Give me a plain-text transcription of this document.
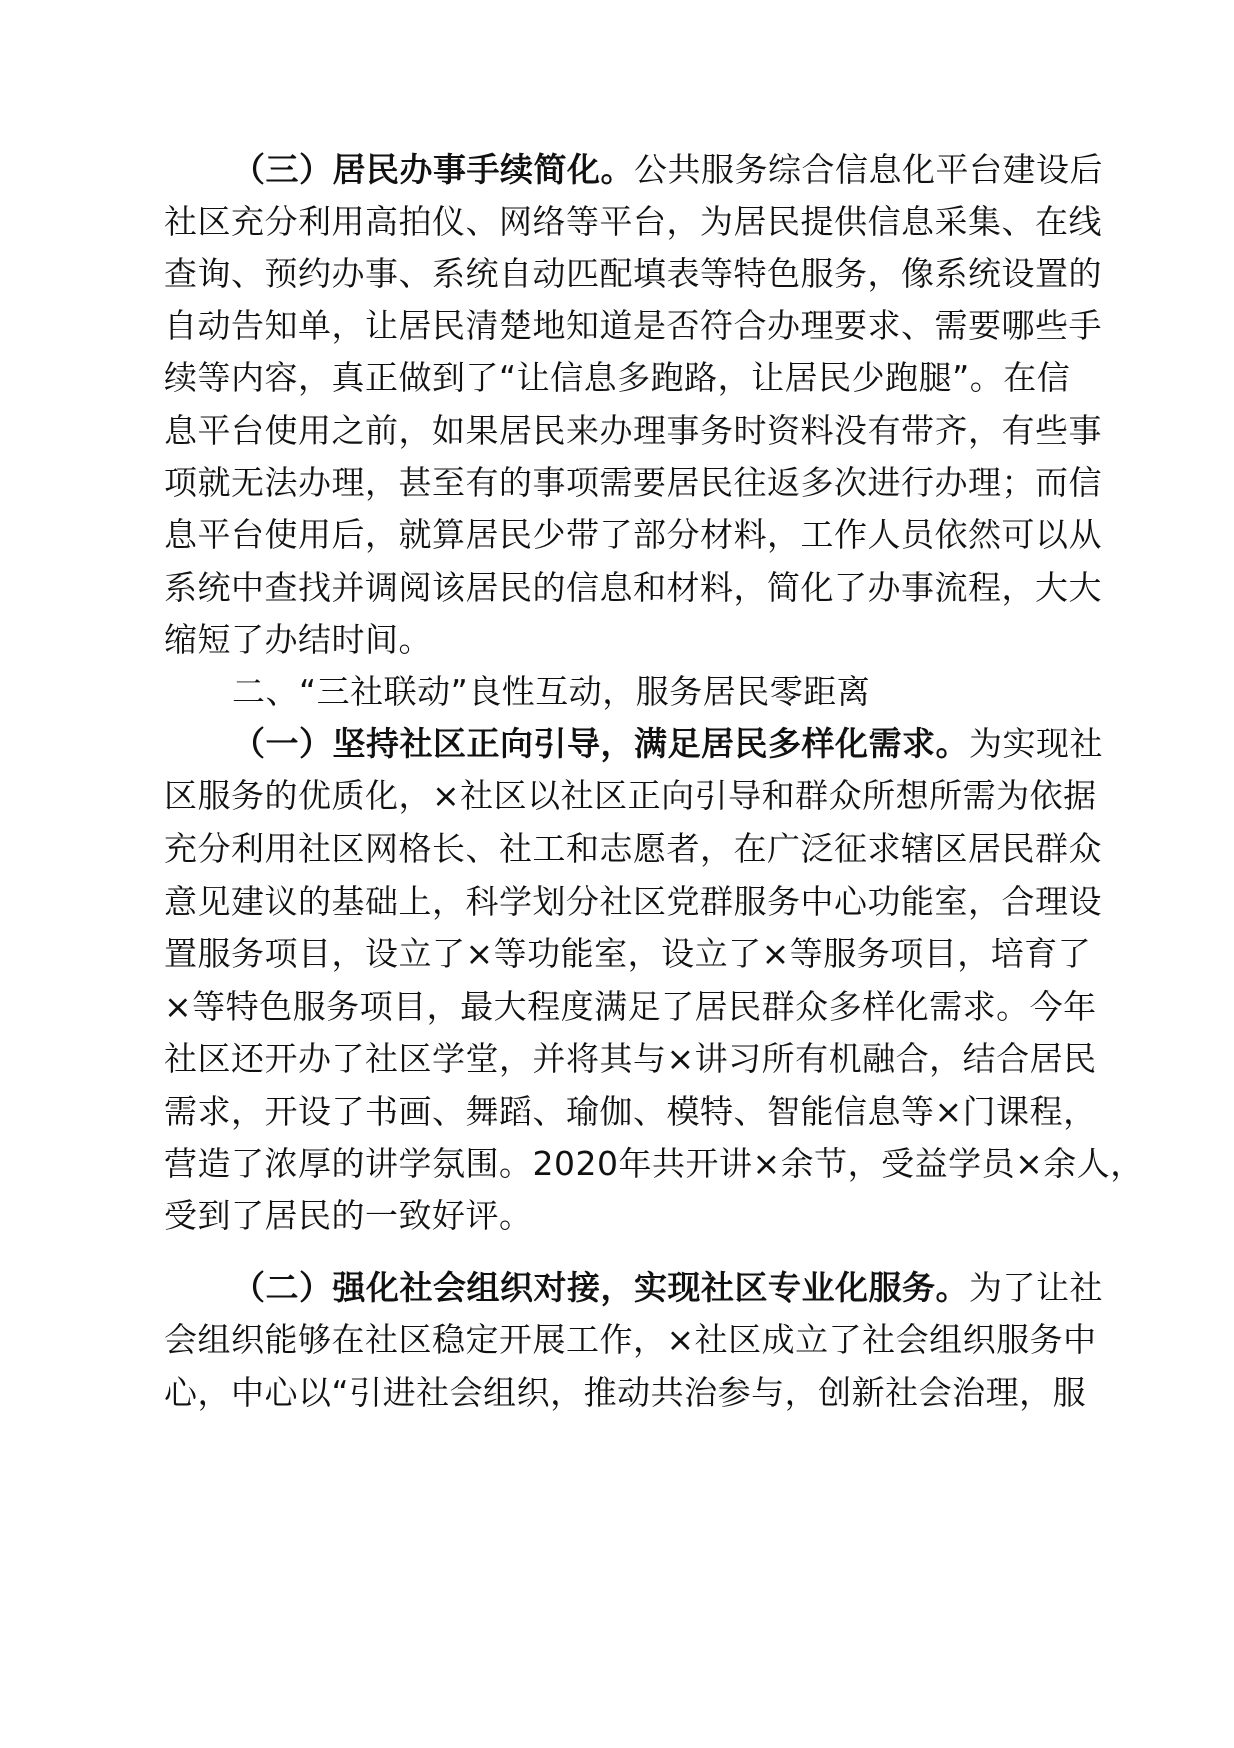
（三）居民办事手续简化。公共服务综合信息化平台建设后
社区充分利用高拍仪、网络等平台，为居民提供信息采集、在线
查询、预约办事、系统自动匹配填表等特色服务，像系统设置的
自动告知单，让居民清楚地知道是否符合办理要求、需要哪些手
续等内容，真正做到了“让信息多跑路，让居民少跑腿”。在信
息平台使用之前，如果居民来办理事务时资料没有带齐，有些事
项就无法办理，甚至有的事项需要居民往返多次进行办理；而信
息平台使用后，就算居民少带了部分材料，工作人员依然可以从
系统中查找并调阅该居民的信息和材料，简化了办事流程，大大
缩短了办结时间。
二、“三社联动”良性互动，服务居民零距离
（一）坚持社区正向引导，满足居民多样化需求。为实现社
区服务的优质化，×社区以社区正向引导和群众所想所需为依据
充分利用社区网格长、社工和志愿者，在广泛征求辖区居民群众
意见建议的基础上，科学划分社区党群服务中心功能室，合理设
置服务项目，设立了×等功能室，设立了×等服务项目，培育了
×等特色服务项目，最大程度满足了居民群众多样化需求。今年
社区还开办了社区学堂，并将其与×讲习所有机融合，结合居民
需求，开设了书画、舞蹈、瑜伽、模特、智能信息等×门课程，
营造了浓厚的讲学氛围。2020年共开讲×余节，受益学员×余人，
受到了居民的一致好评。
（二）强化社会组织对接，实现社区专业化服务。为了让社
会组织能够在社区稳定开展工作，×社区成立了社会组织服务中
心，中心以“引进社会组织，推动共治参与，创新社会治理，服
